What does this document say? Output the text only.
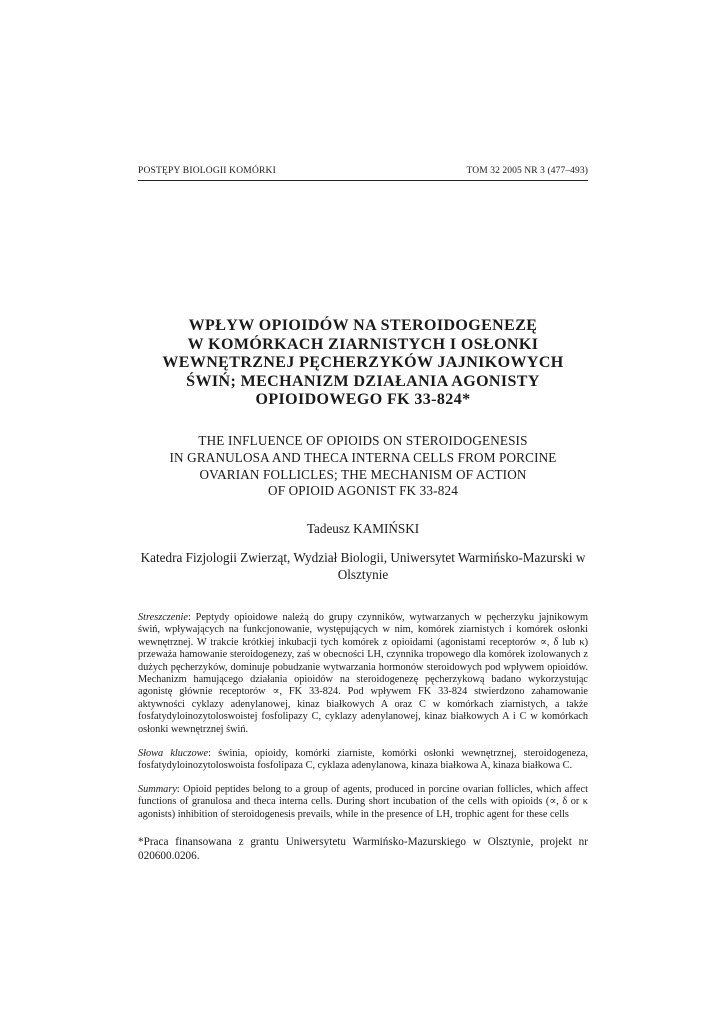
POSTĘPY BIOLOGII KOMÓRKI	TOM 32 2005 NR 3 (477–493)
WPŁYW OPIOIDÓW NA STEROIDOGENEZĘ
W KOMÓRKACH ZIARNISTYCH I OSŁONKI
WEWNĘTRZNEJ PĘCHERZYKÓW JAJNIKOWYCH
ŚWIŃ; MECHANIZM DZIAŁANIA AGONISTY
OPIOIDOWEGO FK 33-824*
THE INFLUENCE OF OPIOIDS ON STEROIDOGENESIS
IN GRANULOSA AND THECA INTERNA CELLS FROM PORCINE
OVARIAN FOLLICLES; THE MECHANISM OF ACTION
OF OPIOID AGONIST FK 33-824
Tadeusz KAMIŃSKI
Katedra Fizjologii Zwierząt, Wydział Biologii, Uniwersytet Warmińsko-Mazurski w Olsztynie
Streszczenie: Peptydy opioidowe należą do grupy czynników, wytwarzanych w pęcherzyku jajnikowym świń, wpływających na funkcjonowanie, występujących w nim, komórek ziarnistych i komórek osłonki wewnętrznej. W trakcie krótkiej inkubacji tych komórek z opioidami (agonistami receptorów ∝, δ lub κ) przeważa hamowanie steroidogenezy, zaś w obecności LH, czynnika tropowego dla komórek izolowanych z dużych pęcherzyków, dominuje pobudzanie wytwarzania hormonów steroidowych pod wpływem opioidów. Mechanizm hamującego działania opioidów na steroidogenezę pęcherzykową badano wykorzystując agonistę głównie receptorów ∝, FK 33-824. Pod wpływem FK 33-824 stwierdzono zahamowanie aktywności cyklazy adenylanowej, kinaz białkowych A oraz C w komórkach ziarnistych, a także fosfatydyloinozytoloswoistej fosfolipazy C, cyklazy adenylanowej, kinaz białkowych A i C w komórkach osłonki wewnętrznej świń.
Słowa kluczowe: świnia, opioidy, komórki ziarniste, komórki osłonki wewnętrznej, steroidogeneza, fosfatydyloinozytoloswoista fosfolipaza C, cyklaza adenylanowa, kinaza białkowa A, kinaza białkowa C.
Summary: Opioid peptides belong to a group of agents, produced in porcine ovarian follicles, which affect functions of granulosa and theca interna cells. During short incubation of the cells with opioids (∝, δ or κ agonists) inhibition of steroidogenesis prevails, while in the presence of LH, trophic agent for these cells
*Praca finansowana z grantu Uniwersytetu Warmińsko-Mazurskiego w Olsztynie, projekt nr 020600.0206.
